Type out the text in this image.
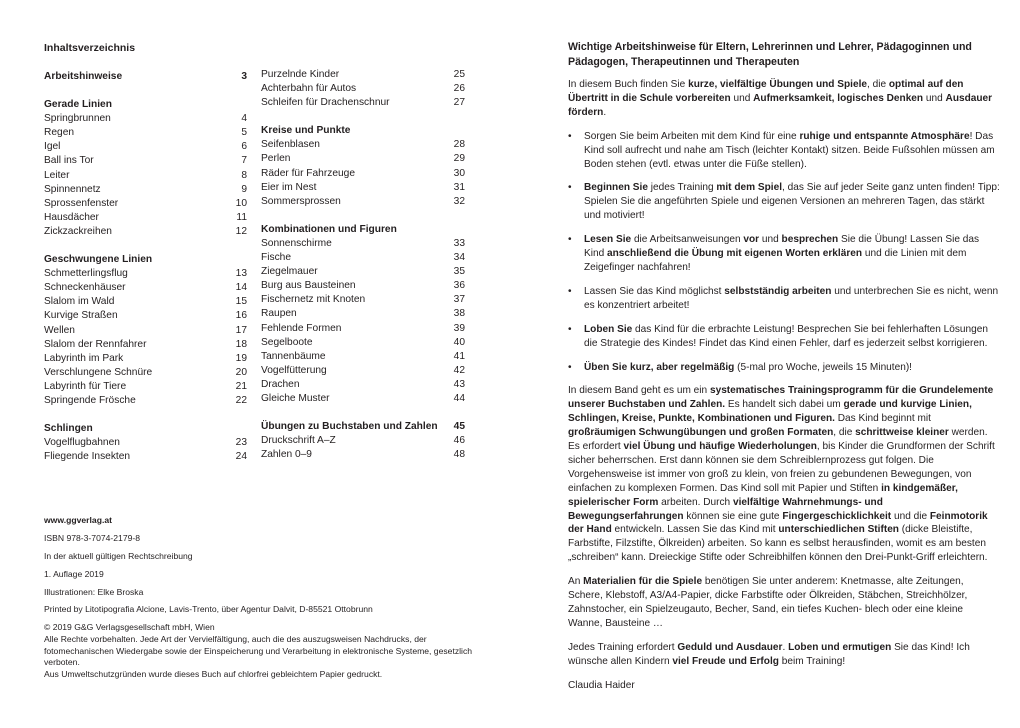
Inhaltsverzeichnis
Arbeitshinweise	3
Gerade Linien
Springbrunnen	4
Regen	5
Igel	6
Ball ins Tor	7
Leiter	8
Spinnennetz	9
Sprossenfenster	10
Hausdächer	11
Zickzackreihen	12
Geschwungene Linien
Schmetterlingsflug	13
Schneckenhäuser	14
Slalom im Wald	15
Kurvige Straßen	16
Wellen	17
Slalom der Rennfahrer	18
Labyrinth im Park	19
Verschlungene Schnüre	20
Labyrinth für Tiere	21
Springende Frösche	22
Schlingen
Vogelflugbahnen	23
Fliegende Insekten	24
Purzelnde Kinder	25
Achterbahn für Autos	26
Schleifen für Drachenschnur	27
Kreise und Punkte
Seifenblasen	28
Perlen	29
Räder für Fahrzeuge	30
Eier im Nest	31
Sommersprossen	32
Kombinationen und Figuren
Sonnenschirme	33
Fische	34
Ziegelmauer	35
Burg aus Bausteinen	36
Fischernetz mit Knoten	37
Raupen	38
Fehlende Formen	39
Segelboote	40
Tannenbäume	41
Vogelfütterung	42
Drachen	43
Gleiche Muster	44
Übungen zu Buchstaben und Zahlen 45
Druckschrift A–Z	46
Zahlen 0–9	48

www.ggverlag.at

ISBN 978-3-7074-2179-8

In der aktuell gültigen Rechtschreibung

1. Auflage 2019

Illustrationen: Elke Broska

Printed by Litotipografia Alcione, Lavis-Trento, über Agentur Dalvit, D-85521 Ottobrunn

© 2019 G&G Verlagsgesellschaft mbH, Wien

Alle Rechte vorbehalten. Jede Art der Vervielfältigung, auch die des auszugsweisen Nachdrucks, der fotomechanischen Wiedergabe sowie der Einspeicherung und Verarbeitung in elektronische Systeme, gesetzlich verboten.

Aus Umweltschutzgründen wurde dieses Buch auf chlorfrei gebleichtem Papier gedruckt.

Wichtige Arbeitshinweise für Eltern, Lehrerinnen und Lehrer, Pädagoginnen und Pädagogen, Therapeutinnen und Therapeuten

In diesem Buch finden Sie kurze, vielfältige Übungen und Spiele, die optimal auf den Übertritt in die Schule vorbereiten und Aufmerksamkeit, logisches Denken und Ausdauer fördern.

• Sorgen Sie beim Arbeiten mit dem Kind für eine ruhige und entspannte Atmosphäre! Das Kind soll aufrecht und nahe am Tisch (leichter Kontakt) sitzen. Beide Fußsohlen müssen am Boden stehen (evtl. etwas unter die Füße stellen).
• Beginnen Sie jedes Training mit dem Spiel, das Sie auf jeder Seite ganz unten finden! Tipp: Spielen Sie die angeführten Spiele und eigenen Versionen an mehreren Tagen, das stärkt und motiviert!
• Lesen Sie die Arbeitsanweisungen vor und besprechen Sie die Übung! Lassen Sie das Kind anschließend die Übung mit eigenen Worten erklären und die Linien mit dem Zeigefinger nachfahren!
• Lassen Sie das Kind möglichst selbstständig arbeiten und unterbrechen Sie es nicht, wenn es konzentriert arbeitet!
• Loben Sie das Kind für die erbrachte Leistung! Besprechen Sie bei fehlerhaften Lösungen die Strategie des Kindes! Findet das Kind einen Fehler, darf es jederzeit selbst korrigieren.
• Üben Sie kurz, aber regelmäßig (5-mal pro Woche, jeweils 15 Minuten)!

In diesem Band geht es um ein systematisches Trainingsprogramm für die Grundelemente unserer Buchstaben und Zahlen. Es handelt sich dabei um gerade und kurvige Linien, Schlingen, Kreise, Punkte, Kombinationen und Figuren. Das Kind beginnt mit großräumigen Schwungübungen und großen Formaten, die schrittweise kleiner werden. Es erfordert viel Übung und häufige Wiederholungen, bis Kinder die Grundformen der Schrift sicher beherrschen. Erst dann können sie dem Schreiblernprozess gut folgen. Die Vorgehensweise ist immer von groß zu klein, von freien zu gebundenen Bewegungen, von einfachen zu komplexen Formen. Das Kind soll mit Papier und Stiften in kindgemäßer, spielerischer Form arbeiten. Durch vielfältige Wahrnehmungs- und Bewegungserfahrungen können sie eine gute Fingergeschicklichkeit und die Feinmotorik der Hand entwickeln. Lassen Sie das Kind mit unterschiedlichen Stiften (dicke Bleistifte, Farbstifte, Filzstifte, Ölkreiden) arbeiten. So kann es selbst herausfinden, womit es am besten „schreiben“ kann. Dreieckige Stifte oder Schreibhilfen können den Drei-Punkt-Griff erleichtern.

An Materialien für die Spiele benötigen Sie unter anderem: Knetmasse, alte Zeitungen, Schere, Klebstoff, A3/A4-Papier, dicke Farbstifte oder Ölkreiden, Stäbchen, Streichhölzer, Zahnstocher, ein Spielzeugauto, Becher, Sand, ein tiefes Kuchen- blech oder eine kleine Wanne, Bausteine …

Jedes Training erfordert Geduld und Ausdauer. Loben und ermutigen Sie das Kind! Ich wünsche allen Kindern viel Freude und Erfolg beim Training!

Claudia Haider
